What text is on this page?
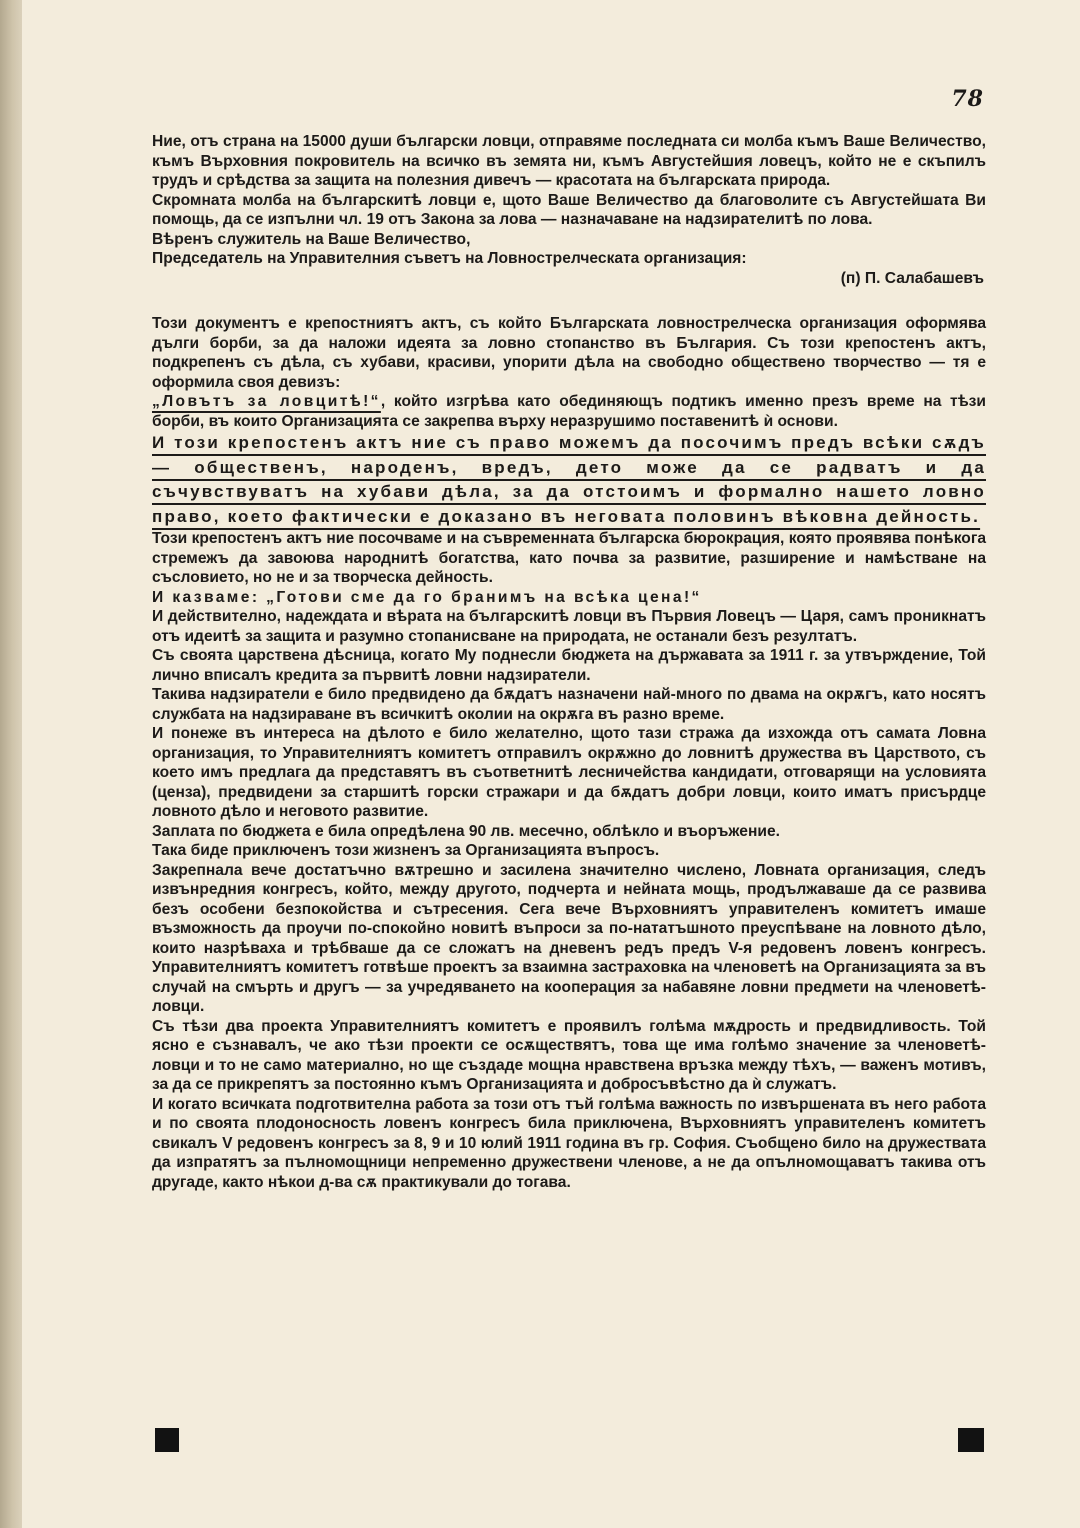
78

Ние, отъ страна на 15000 души български ловци, отправяме последната си молба къмъ Ваше Величество, къмъ Върховния покровитель на всичко въ земята ни, къмъ Августейшия ловецъ, който не е скъпилъ трудъ и срѣдства за защита на полезния дивечъ — красотата на българската природа.

Скромната молба на българскитѣ ловци е, щото Ваше Величество да благоволите съ Августейшата Ви помощь, да се изпълни чл. 19 отъ Закона за лова — назначаване на надзирателитѣ по лова.

Вѣренъ служитель на Ваше Величество,

Председатель на Управителния съветъ на Ловнострелческата организация:

(п) П. Салабашевъ

Този документъ е крепостниятъ актъ, съ който Българската ловнострелческа организация оформява дълги борби, за да наложи идеята за ловно стопанство въ България. Съ този крепостенъ актъ, подкрепенъ съ дѣла, съ хубави, красиви, упорити дѣла на свободно обществено творчество — тя е оформила своя девизъ:

„Ловътъ за ловцитѣ!“, който изгрѣва като обединяющъ подтикъ именно презъ време на тѣзи борби, въ които Организацията се закрепва върху неразрушимо поставенитѣ ѝ основи.

И този крепостенъ актъ ние съ право можемъ да посочимъ предъ всѣки сѫдъ — общественъ, народенъ, вредъ, дето може да се радватъ и да съчувствуватъ на хубави дѣла, за да отстоимъ и формално нашето ловно право, което фактически е доказано въ неговата половинъ вѣковна дейность.

Този крепостенъ актъ ние посочваме и на съвременната българска бюрокрация, която проявява понѣкога стремежъ да завоюва народнитѣ богатства, като почва за развитие, разширение и намѣстване на съсловието, но не и за творческа дейность.

И казваме: „Готови сме да го бранимъ на всѣка цена!“

И действително, надеждата и вѣрата на българскитѣ ловци въ Първия Ловецъ — Царя, самъ проникнатъ отъ идеитѣ за защита и разумно стопанисване на природата, не останали безъ резултатъ.

Съ своята царствена дѣсница, когато Му поднесли бюджета на държавата за 1911 г. за утвърждение, Той лично вписалъ кредита за първитѣ ловни надзиратели.

Такива надзиратели е било предвидено да бѫдатъ назначени най-много по двама на окрѫгъ, като носятъ службата на надзираване въ всичкитѣ околии на окрѫга въ разно време.

И понеже въ интереса на дѣлото е било желателно, щото тази стража да изхожда отъ самата Ловна организация, то Управителниятъ комитетъ отправилъ окрѫжно до ловнитѣ дружества въ Царството, съ което имъ предлага да представятъ въ съответнитѣ лесничейства кандидати, отговарящи на условията (ценза), предвидени за старшитѣ горски стражари и да бѫдатъ добри ловци, които иматъ присърдце ловното дѣло и неговото развитие.

Заплата по бюджета е била опредѣлена 90 лв. месечно, облѣкло и въоръжение.

Така биде приключенъ този жизненъ за Организацията въпросъ.

Закрепнала вече достатъчно вѫтрешно и засилена значително числено, Ловната организация, следъ извънредния конгресъ, който, между другото, подчерта и нейната мощь, продължаваше да се развива безъ особени безпокойства и сътресения. Сега вече Върховниятъ управителенъ комитетъ имаше възможность да проучи по-спокойно новитѣ въпроси за по-нататъшното преуспѣване на ловното дѣло, които назрѣваха и трѣбваше да се сложатъ на дневенъ редъ предъ V-я редовенъ ловенъ конгресъ. Управителниятъ комитетъ готвѣше проектъ за взаимна застраховка на членоветѣ на Организацията за въ случай на смърть и другъ — за учредяването на кооперация за набавяне ловни предмети на членоветѣ-ловци.

Съ тѣзи два проекта Управителниятъ комитетъ е проявилъ голѣма мѫдрость и предвидливость. Той ясно е съзнавалъ, че ако тѣзи проекти се осѫществятъ, това ще има голѣмо значение за членоветѣ-ловци и то не само материално, но ще създаде мощна нравствена връзка между тѣхъ, — важенъ мотивъ, за да се прикрепятъ за постоянно къмъ Организацията и добросъвѣстно да ѝ служатъ.

И когато всичката подготвителна работа за този отъ тъй голѣма важность по извършената въ него работа и по своята плодоносность ловенъ конгресъ била приключена, Върховниятъ управителенъ комитетъ свикалъ V редовенъ конгресъ за 8, 9 и 10 юлий 1911 година въ гр. София. Съобщено било на дружествата да изпратятъ за пълномощници непременно дружествени членове, а не да опълномощаватъ такива отъ другаде, както нѣкои д-ва сѫ практикували до тогава.
